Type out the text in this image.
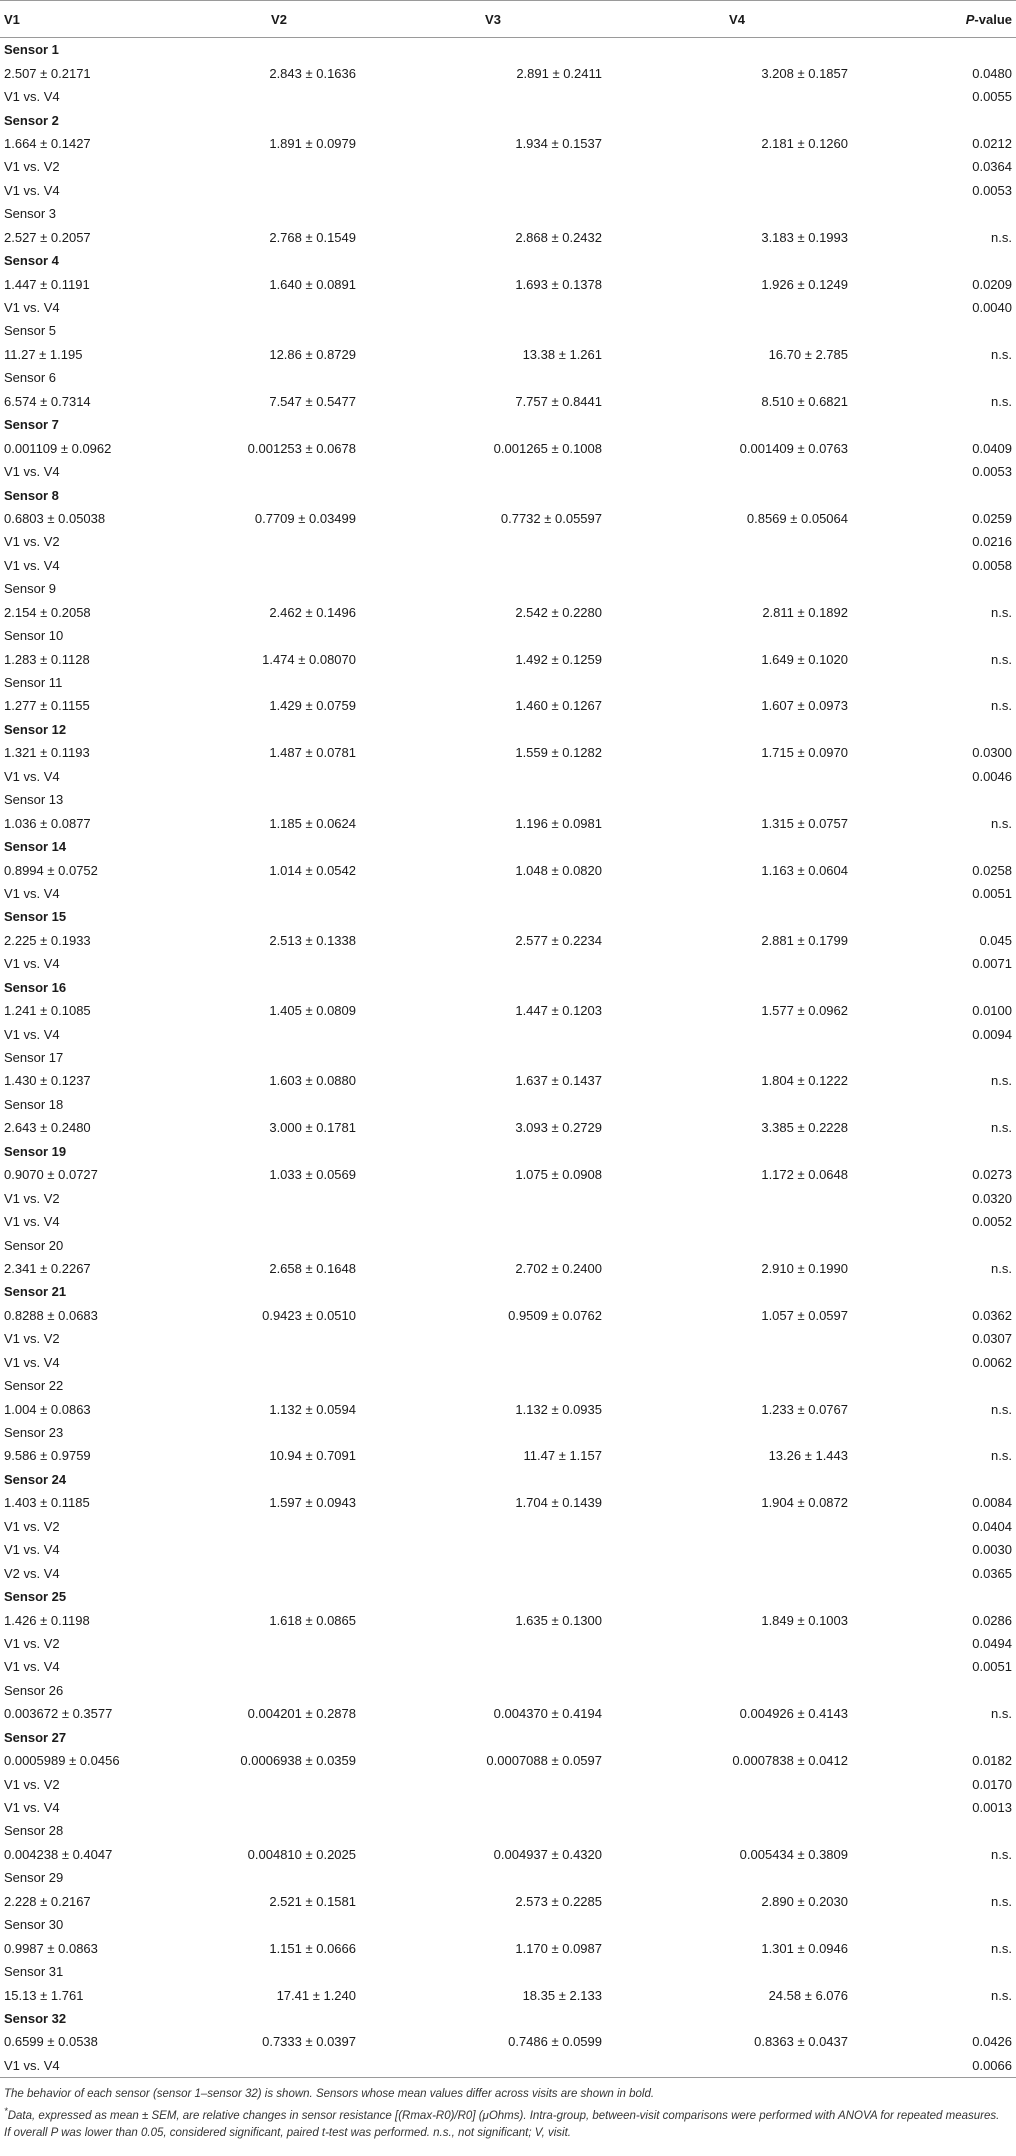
V1	V2	V3	V4	P-value
Sensor 1				
2.507 ± 0.2171	2.843 ± 0.1636	2.891 ± 0.2411	3.208 ± 0.1857	0.0480
V1 vs. V4				0.0055
Sensor 2				
1.664 ± 0.1427	1.891 ± 0.0979	1.934 ± 0.1537	2.181 ± 0.1260	0.0212
V1 vs. V2				0.0364
V1 vs. V4				0.0053
Sensor 3				
2.527 ± 0.2057	2.768 ± 0.1549	2.868 ± 0.2432	3.183 ± 0.1993	n.s.
Sensor 4				
1.447 ± 0.1191	1.640 ± 0.0891	1.693 ± 0.1378	1.926 ± 0.1249	0.0209
V1 vs. V4				0.0040
Sensor 5				
11.27 ± 1.195	12.86 ± 0.8729	13.38 ± 1.261	16.70 ± 2.785	n.s.
Sensor 6				
6.574 ± 0.7314	7.547 ± 0.5477	7.757 ± 0.8441	8.510 ± 0.6821	n.s.
Sensor 7				
0.001109 ± 0.0962	0.001253 ± 0.0678	0.001265 ± 0.1008	0.001409 ± 0.0763	0.0409
V1 vs. V4				0.0053
Sensor 8				
0.6803 ± 0.05038	0.7709 ± 0.03499	0.7732 ± 0.05597	0.8569 ± 0.05064	0.0259
V1 vs. V2				0.0216
V1 vs. V4				0.0058
Sensor 9				
2.154 ± 0.2058	2.462 ± 0.1496	2.542 ± 0.2280	2.811 ± 0.1892	n.s.
Sensor 10				
1.283 ± 0.1128	1.474 ± 0.08070	1.492 ± 0.1259	1.649 ± 0.1020	n.s.
Sensor 11				
1.277 ± 0.1155	1.429 ± 0.0759	1.460 ± 0.1267	1.607 ± 0.0973	n.s.
Sensor 12				
1.321 ± 0.1193	1.487 ± 0.0781	1.559 ± 0.1282	1.715 ± 0.0970	0.0300
V1 vs. V4				0.0046
Sensor 13				
1.036 ± 0.0877	1.185 ± 0.0624	1.196 ± 0.0981	1.315 ± 0.0757	n.s.
Sensor 14				
0.8994 ± 0.0752	1.014 ± 0.0542	1.048 ± 0.0820	1.163 ± 0.0604	0.0258
V1 vs. V4				0.0051
Sensor 15				
2.225 ± 0.1933	2.513 ± 0.1338	2.577 ± 0.2234	2.881 ± 0.1799	0.045
V1 vs. V4				0.0071
Sensor 16				
1.241 ± 0.1085	1.405 ± 0.0809	1.447 ± 0.1203	1.577 ± 0.0962	0.0100
V1 vs. V4				0.0094
Sensor 17				
1.430 ± 0.1237	1.603 ± 0.0880	1.637 ± 0.1437	1.804 ± 0.1222	n.s.
Sensor 18				
2.643 ± 0.2480	3.000 ± 0.1781	3.093 ± 0.2729	3.385 ± 0.2228	n.s.
Sensor 19				
0.9070 ± 0.0727	1.033 ± 0.0569	1.075 ± 0.0908	1.172 ± 0.0648	0.0273
V1 vs. V2				0.0320
V1 vs. V4				0.0052
Sensor 20				
2.341 ± 0.2267	2.658 ± 0.1648	2.702 ± 0.2400	2.910 ± 0.1990	n.s.
Sensor 21				
0.8288 ± 0.0683	0.9423 ± 0.0510	0.9509 ± 0.0762	1.057 ± 0.0597	0.0362
V1 vs. V2				0.0307
V1 vs. V4				0.0062
Sensor 22				
1.004 ± 0.0863	1.132 ± 0.0594	1.132 ± 0.0935	1.233 ± 0.0767	n.s.
Sensor 23				
9.586 ± 0.9759	10.94 ± 0.7091	11.47 ± 1.157	13.26 ± 1.443	n.s.
Sensor 24				
1.403 ± 0.1185	1.597 ± 0.0943	1.704 ± 0.1439	1.904 ± 0.0872	0.0084
V1 vs. V2				0.0404
V1 vs. V4				0.0030
V2 vs. V4				0.0365
Sensor 25				
1.426 ± 0.1198	1.618 ± 0.0865	1.635 ± 0.1300	1.849 ± 0.1003	0.0286
V1 vs. V2				0.0494
V1 vs. V4				0.0051
Sensor 26				
0.003672 ± 0.3577	0.004201 ± 0.2878	0.004370 ± 0.4194	0.004926 ± 0.4143	n.s.
Sensor 27				
0.0005989 ± 0.0456	0.0006938 ± 0.0359	0.0007088 ± 0.0597	0.0007838 ± 0.0412	0.0182
V1 vs. V2				0.0170
V1 vs. V4				0.0013
Sensor 28				
0.004238 ± 0.4047	0.004810 ± 0.2025	0.004937 ± 0.4320	0.005434 ± 0.3809	n.s.
Sensor 29				
2.228 ± 0.2167	2.521 ± 0.1581	2.573 ± 0.2285	2.890 ± 0.2030	n.s.
Sensor 30				
0.9987 ± 0.0863	1.151 ± 0.0666	1.170 ± 0.0987	1.301 ± 0.0946	n.s.
Sensor 31				
15.13 ± 1.761	17.41 ± 1.240	18.35 ± 2.133	24.58 ± 6.076	n.s.
Sensor 32				
0.6599 ± 0.0538	0.7333 ± 0.0397	0.7486 ± 0.0599	0.8363 ± 0.0437	0.0426
V1 vs. V4				0.0066

The behavior of each sensor (sensor 1–sensor 32) is shown. Sensors whose mean values differ across visits are shown in bold.

*Data, expressed as mean ± SEM, are relative changes in sensor resistance [(Rmax-R0)/R0] (μOhms). Intra-group, between-visit comparisons were performed with ANOVA for repeated measures. If overall P was lower than 0.05, considered significant, paired t-test was performed. n.s., not significant; V, visit.
